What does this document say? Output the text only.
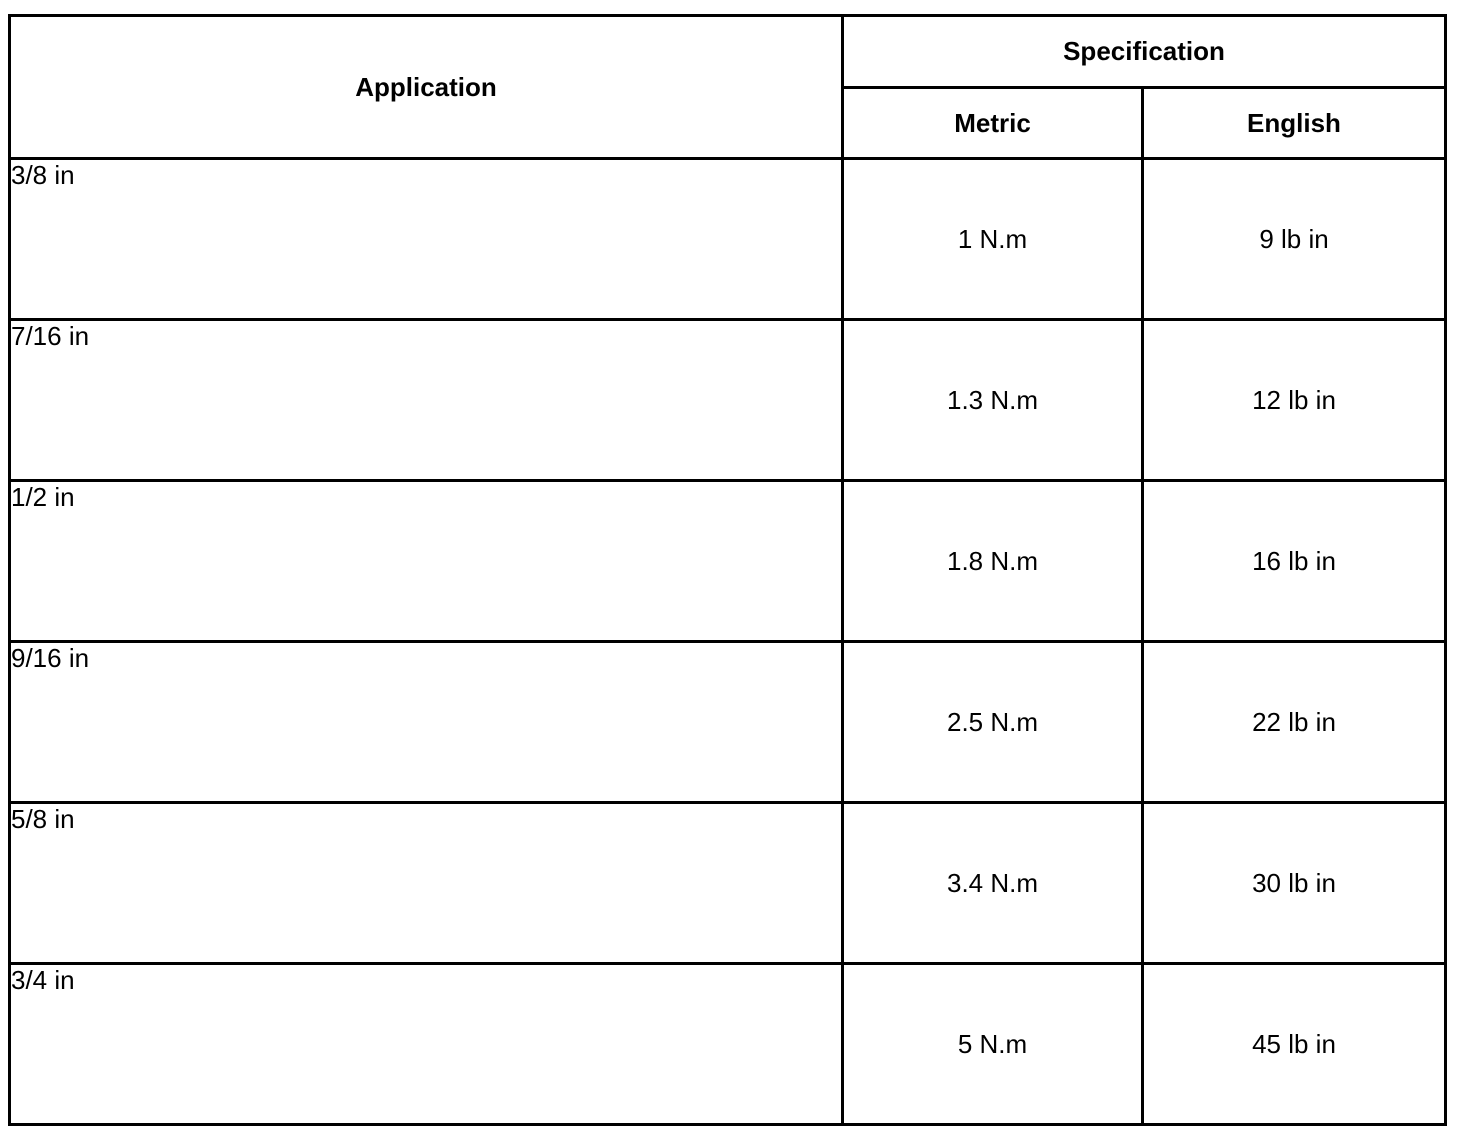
Application	Specification	
	Metric	English
3/8 in	1 N.m	9 lb in
7/16 in	1.3 N.m	12 lb in
1/2 in	1.8 N.m	16 lb in
9/16 in	2.5 N.m	22 lb in
5/8 in	3.4 N.m	30 lb in
3/4 in	5 N.m	45 lb in
